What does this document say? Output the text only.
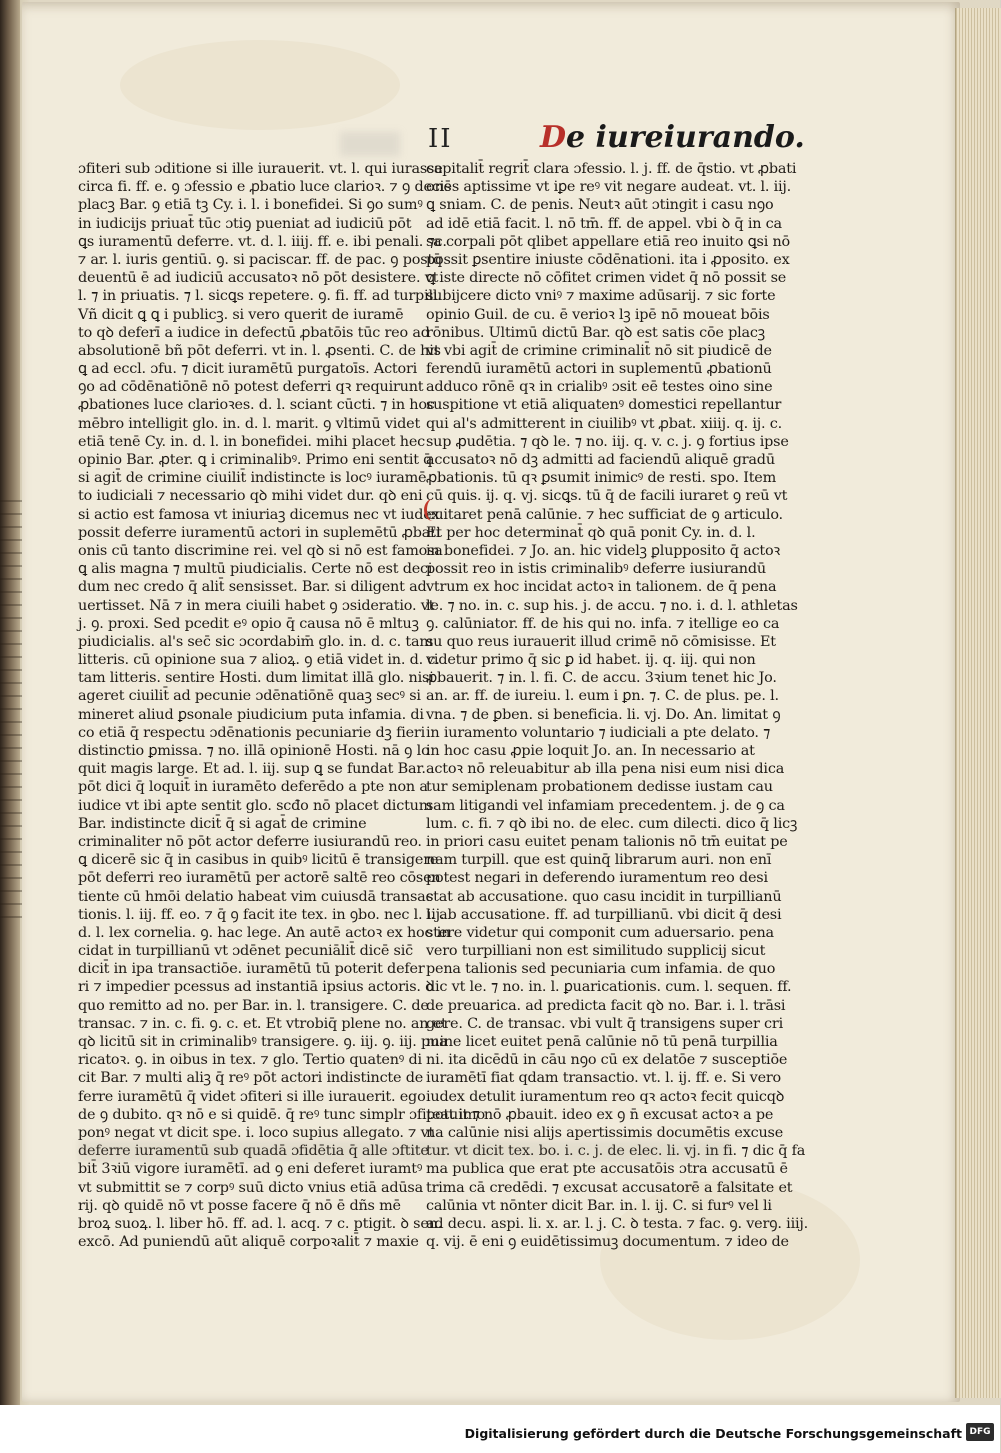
II	De iureiurando.
ɔfiteri sub ɔditione si ille iurauerit. vt. l. qui iurasse
circa fi. ff. e. ꝯ ɔfessio e ꝓbatio luce clarioꝛ. ⁊ ꝯ decis̄
placꝫ Bar. ꝯ etiā tꝫ Cy. i. l. i bonefidei. Si ꝯo sumꝰ
in iudicijs priuat̄ tūc ɔtiꝯ pueniat ad iudiciū pōt
ꝗs iuramentū deferre. vt. d. l. iiij. ff. e. ibi penali. ⁊c.
⁊ ar. l. iuris gentiū. ꝯ. si paciscar. ff. de pac. ꝯ postq̄
deuentū ē ad iudiciū accusatoꝛ nō pōt desistere. vt
l. ⁊ in priuatis. ⁊ l. sicꝗs repetere. ꝯ. fi. ff. ad turpill.
Vñ dicit ꝗ ꝗ i publicꝫ. si vero querit de iuramē
to qꝺ deferī a iudice in defectū ꝓbatōis tūc reo ad
absolutionē bñ pōt deferri. vt in. l. ꝓsenti. C. de his
ꝗ ad eccl. ɔfu. ⁊ dicit iuramētū purgatoīs. Actori
ꝯo ad cōdēnatiōnē nō potest deferri qꝛ requirunt
ꝓbationes luce clarioꝛes. d. l. sciant cūcti. ⁊ in hoc
mēbro intelligit glo. in. d. l. marit. ꝯ vltimū videt
etiā tenē Cy. in. d. l. in bonefidei. mihi placet hec
opinio Bar. ꝓter. ꝗ i criminalibꝰ. Primo eni sentit q̄
si agit̄ de crimine ciuilit̄ indistincte is locꝰ iuramē
to iudiciali ⁊ necessario qꝺ mihi videt dur. qꝺ eni
si actio est famosa vt iniuriaꝫ dicemus nec vt iudex
possit deferre iuramentū actori in suplemētū ꝓbati
onis cū tanto discrimine rei. vel qꝺ si nō est famosa
ꝗ alis magna ⁊ multū piudicialis. Certe nō est deci
dum nec credo q̄ alit̄ sensisset. Bar. si diligent ad
uertisset. Nā ⁊ in mera ciuili habet ꝯ ɔsideratio. vt
j. ꝯ. proxi. Sed pcedit eꝰ opio q̄ causa nō ē mltuꝫ
piudicialis. al's sec̄ sic ɔcordabim̄ glo. in. d. c. tam
litteris. cū opinione sua ⁊ alioꝝ. ꝯ etiā videt in. d. c.
tam litteris. sentire Hosti. dum limitat illā glo. nisi
ageret ciuilit̄ ad pecunie ɔdēnatiōnē quaꝫ secꝰ si
mineret aliud ꝑsonale piudicium puta infamia. di
co etiā q̄ respectu ɔdēnationis pecuniarie dꝫ fieri
distinctio ꝑmissa. ⁊ no. illā opinionē Hosti. nā ꝯ lo
quit magis large. Et ad. l. iij. sup ꝗ se fundat Bar.
pōt dici q̄ loquit̄ in iuramēto deferēdo a pte non a
iudice vt ibi apte sentit glo. scđo nō placet dictum
Bar. indistincte dicit̄ q̄ si agat̄ de crimine
criminaliter nō pōt actor deferre iusiurandū reo.
ꝗ dicerē sic q̄ in casibus in quibꝰ licitū ē transigere
pōt deferri reo iuramētū per actorē saltē reo cōsen
tiente cū hmōi delatio habeat vim cuiusdā transac
tionis. l. iij. ff. eo. ⁊ q̄ ꝯ facit ite tex. in ꝯbo. nec l. iij.
d. l. lex cornelia. ꝯ. hac lege. An autē actoꝛ ex hoc in
cidat in turpillianū vt ɔdēnet pecuniālit̄ dicē sic̄
dicit̄ in ipa transactiōe. iuramētū tū poterit defer
ri ⁊ impedier pcessus ad instantiā ipsius actoris. ꝺ
quo remitto ad no. per Bar. in. l. transigere. C. de
transac. ⁊ in. c. fi. ꝯ. c. et. Et vtrobiq̄ plene no. an et
qꝺ licitū sit in criminalibꝰ transigere. ꝯ. iij. ꝯ. iij. pua
ricatoꝛ. ꝯ. in oibus in tex. ⁊ glo. Tertio quatenꝰ di
cit Bar. ⁊ multi aliꝫ q̄ reꝰ pōt actori indistincte de
ferre iuramētū q̄ videt ɔfiteri si ille iurauerit. ego
de ꝯ dubito. qꝛ nō e si quidē. q̄ reꝰ tunc simplr ɔfiteat imo
ponꝰ negat vt dicit spe. i. loco supius allegato. ⁊ vt
deferre iuramentū sub quadā ɔfidētia q̄ alle ɔftite
bit̄ 3ꝛiū vigore iuramētī. ad ꝯ eni deferet iuramtꝰ
vt submittit se ⁊ corpꝰ suū dicto vnius etiā adūsa
rij. qꝺ quidē nō vt posse facere q̄ nō ē dñs mē
broꝝ suoꝝ. l. liber hō. ff. ad. l. acq. ⁊ c. ptigit. ꝺ sen.
excō. Ad puniendū aūt aliquē corpoꝛalit̄ ⁊ maxie
capitalit̄ regrit̄ clara ɔfessio. l. j. ff. de q̄stio. vt ꝓbati
ones aptissime vt iꝑe reꝰ vit negare audeat. vt. l. iij.
ꝗ sniam. C. de penis. Neutꝛ aūt ɔtingit i casu nꝯo
ad idē etiā facit. l. nō tm̄. ff. de appel. vbi ꝺ q̄ in ca
sa corpali pōt qlibet appellare etiā reo inuito ꝗsi nō
possit ꝑsentire iniuste cōdēnationi. ita i ꝓposito. ex
ꝗ iste directe nō cōfitet crimen videt q̄ nō possit se
subijcere dicto vniꝰ ⁊ maxime adūsarij. ⁊ sic forte
opinio Guil. de cu. ē verioꝛ lꝫ ipē nō moueat bōis
rōnibus. Ultimū dictū Bar. qꝺ est satis cōe placꝫ
vt vbi agit̄ de crimine criminalit̄ nō sit piudicē de
ferendū iuramētū actori in suplementū ꝓbationū
adduco rōnē qꝛ in crialibꝰ ɔsit eē testes oino sine
suspitione vt etiā aliquatenꝰ domestici repellantur
qui al's admitterent in ciuilibꝰ vt ꝓbat. xiiij. q. ij. c.
sup ꝓudētia. ⁊ qꝺ le. ⁊ no. iij. q. v. c. j. ꝯ fortius ipse
accusatoꝛ nō dꝫ admitti ad faciendū aliquē gradū
ꝓbationis. tū qꝛ ꝑsumit inimicꝰ de resti. spo. Item
cū quis. ij. q. vj. sicꝗs. tū q̄ de facili iuraret ꝯ reū vt
euitaret penā calūnie. ⁊ hec sufficiat de ꝯ articulo.
Et per hoc determinat̄ qꝺ quā ponit Cy. in. d. l.
in bonefidei. ⁊ Jo. an. hic videlꝫ ꝑlupposito q̄ actoꝛ
possit reo in istis criminalibꝰ deferre iusiurandū
vtrum ex hoc incidat actoꝛ in talionem. de q̄ pena
le. ⁊ no. in. c. sup his. j. de accu. ⁊ no. i. d. l. athletas
ꝯ. calūniator. ff. de his qui no. infa. ⁊ itellige eo ca
su quo reus iurauerit illud crimē nō cōmisisse. Et
videtur primo q̄ sic ꝑ id habet. ij. q. iij. qui non
ꝓbauerit. ⁊ in. l. fi. C. de accu. 3ꝛium tenet hic Jo.
an. ar. ff. de iureiu. l. eum i ꝑn. ⁊. C. de plus. pe. l.
vna. ⁊ de ꝑben. si beneficia. li. vj. Do. An. limitat ꝯ
in iuramento voluntario ⁊ iudiciali a pte delato. ⁊
in hoc casu ꝓpie loquit Jo. an. In necessario at
actoꝛ nō releuabitur ab illa pena nisi eum nisi dica
tur semiplenam probationem dedisse iustam cau
sam litigandi vel infamiam precedentem. j. de ꝯ ca
lum. c. fi. ⁊ qꝺ ibi no. de elec. cum dilecti. dico q̄ licꝫ
in priori casu euitet penam talionis nō tm̄ euitat pe
nam turpill. que est quinq̄ librarum auri. non enī
potest negari in deferendo iuramentum reo desi
stat ab accusatione. quo casu incidit in turpillianū
l. ab accusatione. ff. ad turpillianū. vbi dicit q̄ desi
stere videtur qui componit cum aduersario. pena
vero turpilliani non est similitudo supplicij sicut
pena talionis sed pecuniaria cum infamia. de quo
dic vt le. ⁊ no. in. l. ꝑuaricationis. cum. l. sequen. ff.
de preuarica. ad predicta facit qꝺ no. Bar. i. l. trāsi
gere. C. de transac. vbi vult q̄ transigens super cri
mine licet euitet penā calūnie nō tū penā turpillia
ni. ita dicēdū in cāu nꝯo cū ex delatōe ⁊ susceptiōe
iuramētī fiat qdam transactio. vt. l. ij. ff. e. Si vero
iudex detulit iuramentum reo qꝛ actoꝛ fecit quicqꝺ
potuit ⁊ nō ꝓbauit. ideo ex ꝯ n̄ excusat actoꝛ a pe
na calūnie nisi alijs apertissimis documētis excuse
tur. vt dicit tex. bo. i. c. j. de elec. li. vj. in fi. ⁊ dic q̄ fa
ma publica que erat pte accusatōis ɔtra accusatū ē
trima cā credēdi. ⁊ excusat accusatorē a falsitate et
calūnia vt nōnter dicit Bar. in. l. ij. C. si furꝰ vel li
ad decu. aspi. li. x. ar. l. j. C. ꝺ testa. ⁊ fac. ꝯ. verꝯ. iiij.
q. vij. ē eni ꝯ euidētissimuꝫ documentum. ⁊ ideo de
Digitalisierung gefördert durch die Deutsche Forschungsgemeinschaft DFG
